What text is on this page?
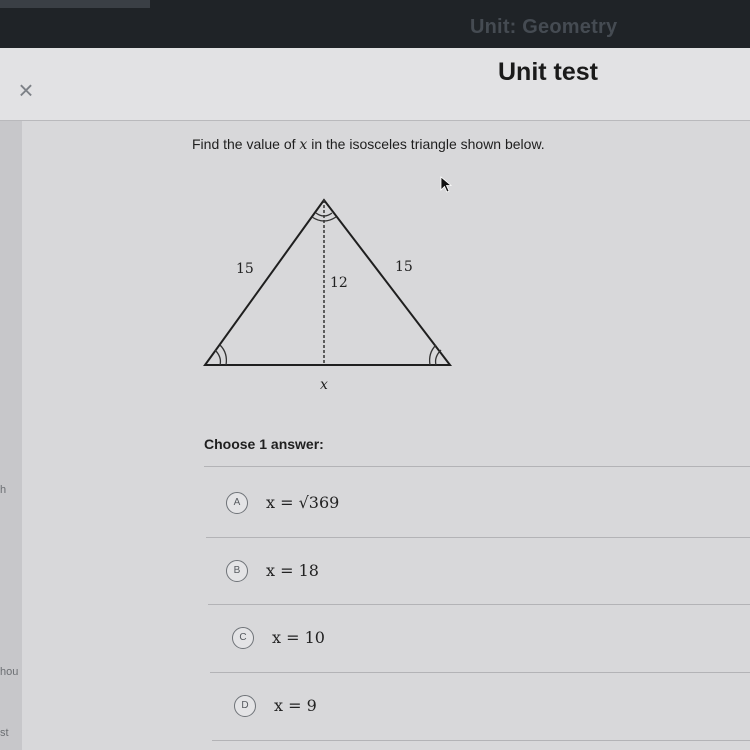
Unit: Geometry
×
Unit test
h
hou
st
Find the value of x in the isosceles triangle shown below.
15	15
12
x
Choose 1 answer:
A	x = √369
B	x = 18
C	x = 10
D	x = 9
